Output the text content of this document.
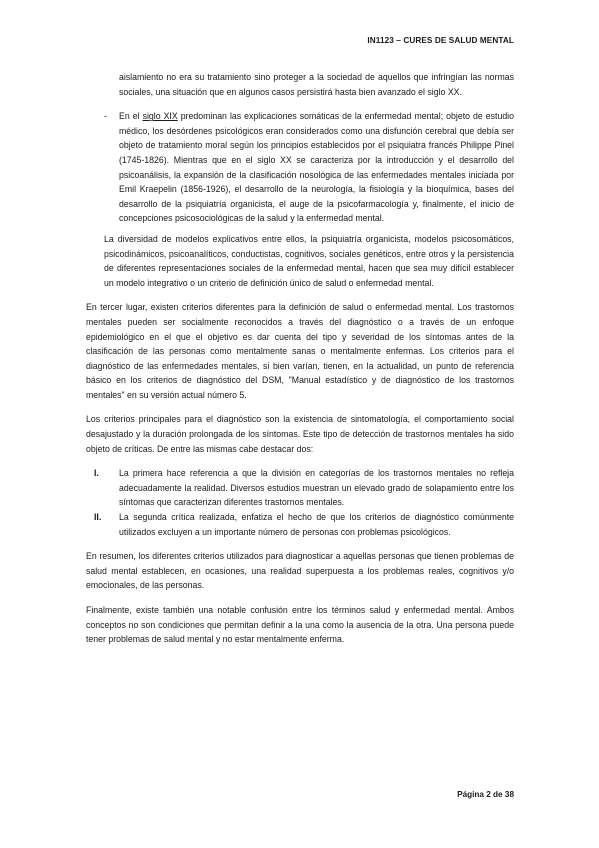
IN1123 – CURES DE SALUD MENTAL

aislamiento no era su tratamiento sino proteger a la sociedad de aquellos que infringían las normas sociales, una situación que en algunos casos persistirá hasta bien avanzado el siglo XX.

- En el siglo XIX predominan las explicaciones somáticas de la enfermedad mental; objeto de estudio médico, los desórdenes psicológicos eran considerados como una disfunción cerebral que debía ser objeto de tratamiento moral según los principios establecidos por el psiquiatra francés Philippe Pinel (1745-1826). Mientras que en el siglo XX se caracteriza por la introducción y el desarrollo del psicoanálisis, la expansión de la clasificación nosológica de las enfermedades mentales iniciada por Emil Kraepelin (1856-1926), el desarrollo de la neurología, la fisiología y la bioquímica, bases del desarrollo de la psiquiatría organicista, el auge de la psicofarmacología y, finalmente, el inicio de concepciones psicosociológicas de la salud y la enfermedad mental.

La diversidad de modelos explicativos entre ellos, la psiquiatría organicista, modelos psicosomáticos, psicodinámicos, psicoanalíticos, conductistas, cognitivos, sociales genéticos, entre otros y la persistencia de diferentes representaciones sociales de la enfermedad mental, hacen que sea muy difícil establecer un modelo integrativo o un criterio de definición único de salud o enfermedad mental.

En tercer lugar, existen criterios diferentes para la definición de salud o enfermedad mental. Los trastornos mentales pueden ser socialmente reconocidos a través del diagnóstico o a través de un enfoque epidemiológico en el que el objetivo es dar cuenta del tipo y severidad de los síntomas antes de la clasificación de las personas como mentalmente sanas o mentalmente enfermas. Los criterios para el diagnóstico de las enfermedades mentales, si bien varían, tienen, en la actualidad, un punto de referencia básico en los criterios de diagnóstico del DSM, "Manual estadístico y de diagnóstico de los trastornos mentales" en su versión actual número 5.

Los criterios principales para el diagnóstico son la existencia de sintomatología, el comportamiento social desajustado y la duración prolongada de los síntomas. Este tipo de detección de trastornos mentales ha sido objeto de críticas. De entre las mismas cabe destacar dos:

I. La primera hace referencia a que la división en categorías de los trastornos mentales no refleja adecuadamente la realidad. Diversos estudios muestran un elevado grado de solapamiento entre los síntomas que caracterizan diferentes trastornos mentales.

II. La segunda crítica realizada, enfatiza el hecho de que los criterios de diagnóstico comúnmente utilizados excluyen a un importante número de personas con problemas psicológicos.

En resumen, los diferentes criterios utilizados para diagnosticar a aquellas personas que tienen problemas de salud mental establecen, en ocasiones, una realidad superpuesta a los problemas reales, cognitivos y/o emocionales, de las personas.

Finalmente, existe también una notable confusión entre los términos salud y enfermedad mental. Ambos conceptos no son condiciones que permitan definir a la una como la ausencia de la otra. Una persona puede tener problemas de salud mental y no estar mentalmente enferma.

Página 2 de 38
